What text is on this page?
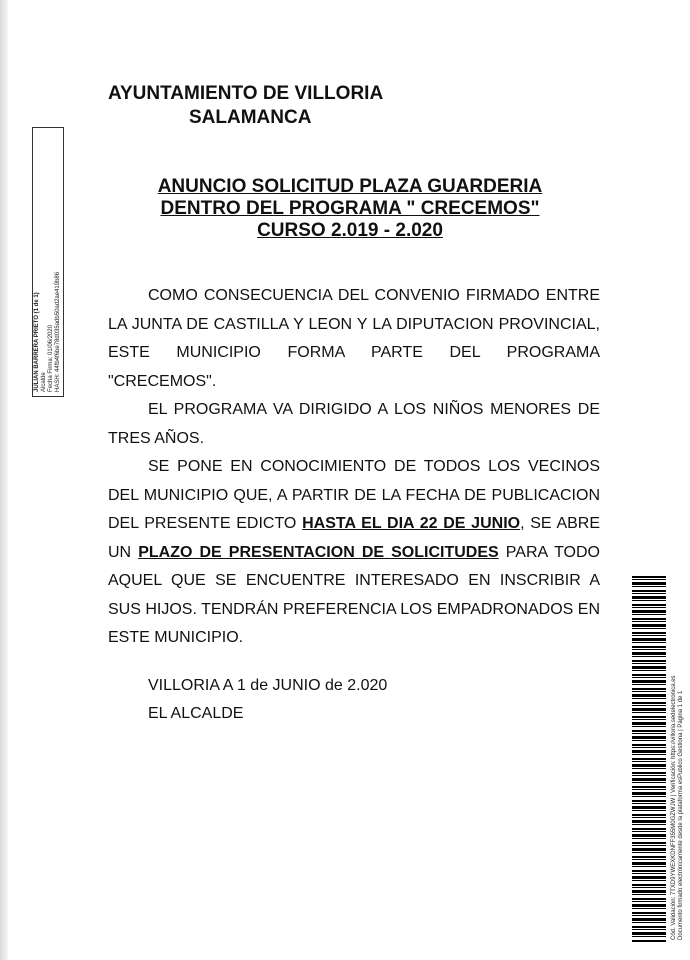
JULIAN BARRERA PRIETO (1 de 1) Alcalde Fecha Firma: 01/06/2020 HASH: 44fb4f6be78d035adb50ad2ae419b86
AYUNTAMIENTO DE VILLORIA
SALAMANCA
ANUNCIO SOLICITUD PLAZA GUARDERIA
DENTRO DEL PROGRAMA " CRECEMOS"
CURSO 2.019 - 2.020

COMO CONSECUENCIA DEL CONVENIO FIRMADO ENTRE LA JUNTA DE CASTILLA Y LEON Y LA DIPUTACION PROVINCIAL, ESTE MUNICIPIO FORMA PARTE DEL PROGRAMA "CRECEMOS".

EL PROGRAMA VA DIRIGIDO A LOS NIÑOS MENORES DE TRES AÑOS.

SE PONE EN CONOCIMIENTO DE TODOS LOS VECINOS DEL MUNICIPIO QUE, A PARTIR DE LA FECHA DE PUBLICACION DEL PRESENTE EDICTO HASTA EL DIA 22 DE JUNIO, SE ABRE UN PLAZO DE PRESENTACION DE SOLICITUDES PARA TODO AQUEL QUE SE ENCUENTRE INTERESADO EN INSCRIBIR A SUS HIJOS. TENDRÁN PREFERENCIA LOS EMPADRONADOS EN ESTE MUNICIPIO.

VILLORIA A 1 de JUNIO de 2.020
EL ALCALDE	Cód. Validación: 7TXD9YWEXKDNFF355M0GZWJW | Verificación: https://villoria.sedelectronica.es Documento firmado electrónicamente desde la plataforma esPublico Gestiona | Página 1 de 1
